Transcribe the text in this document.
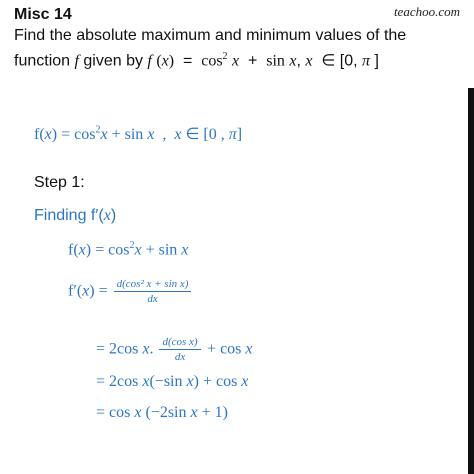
teachoo.com
Misc 14
Find the absolute maximum and minimum values of the function f given by f $(x) = \cos^2 x + \sin x$, x  ∈ [0, π ]
$f(x) = \cos^2x + \sin x$  ,  x ∈ [0 , π]
Step 1:
Finding f′(x)
$f(x) = \cos^2x + \sin x$
$f'(x) = \frac{\text{d(cos² x + sin x)}}{dx}$
= 2cos x. $\frac{\text{d(cos x)}}{dx} + \cos x$
= 2cos x(−sin x) + cos x
= cos x (−2sin x + 1)
